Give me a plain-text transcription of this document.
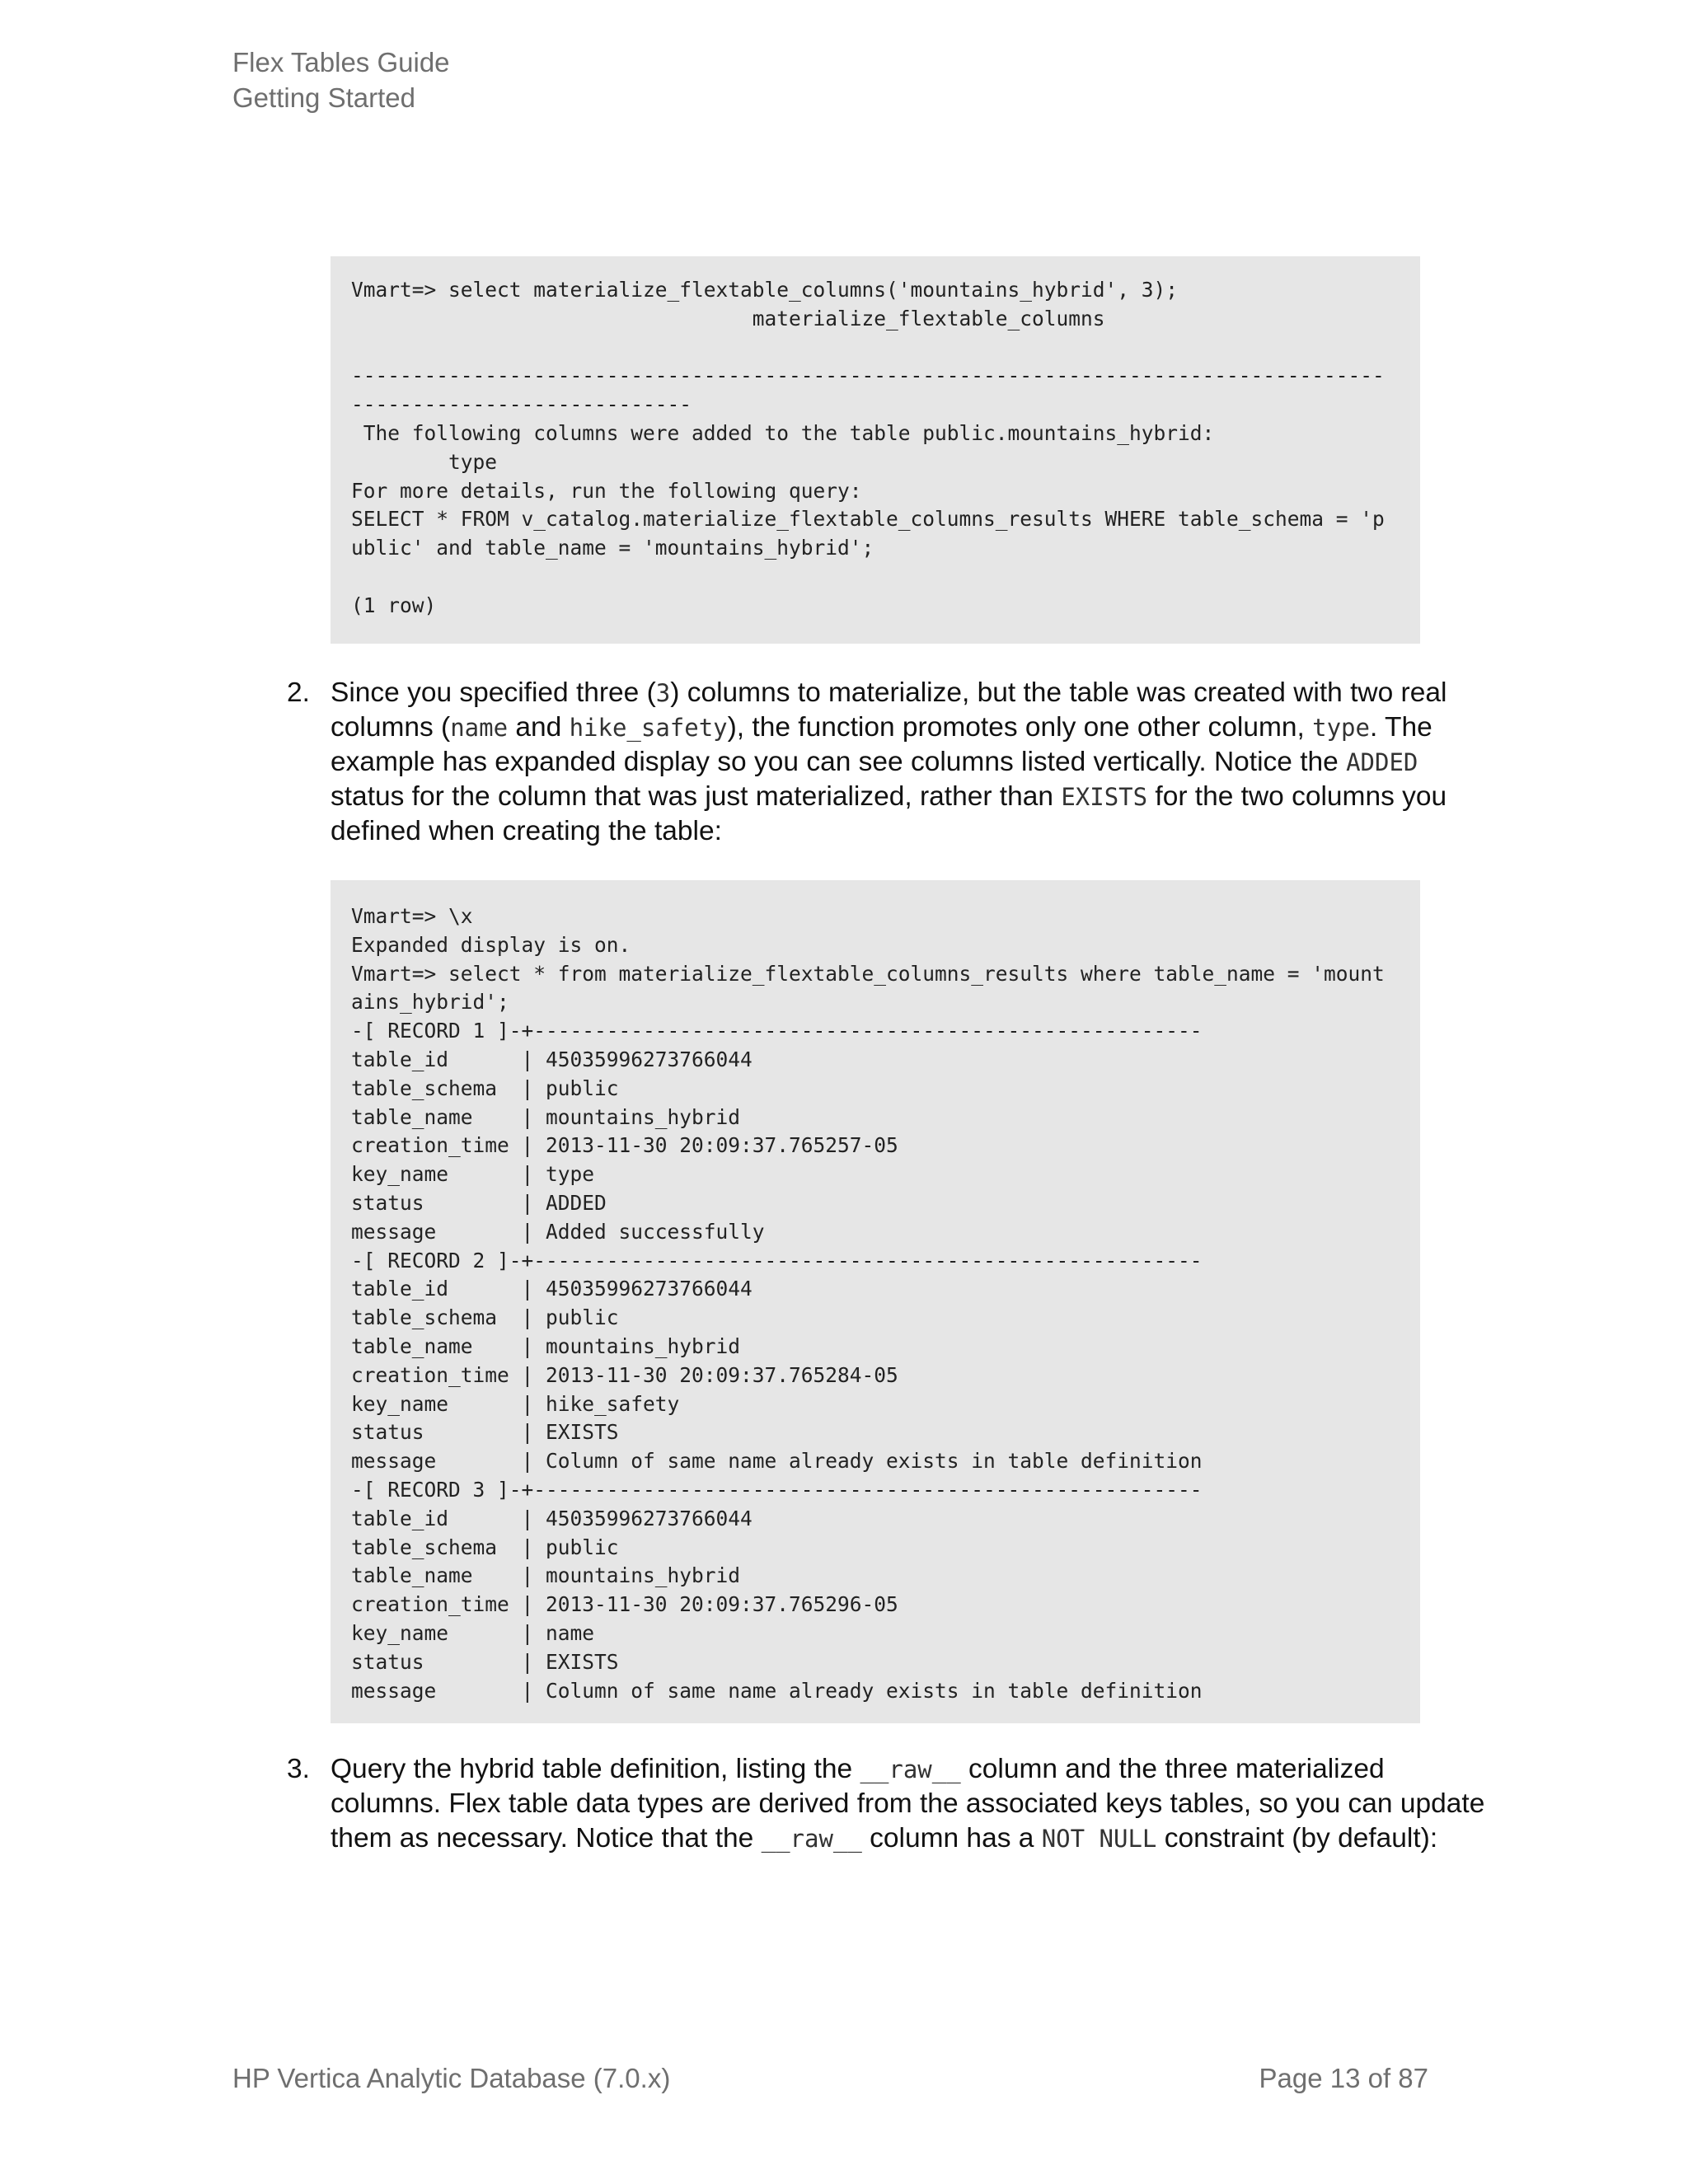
Flex Tables Guide
Getting Started
Vmart=> select materialize_flextable_columns('mountains_hybrid', 3);
materialize_flextable_columns
-------------------------------------------------------------------------------------
----------------------------
The following columns were added to the table public.mountains_hybrid:
type
For more details, run the following query:
SELECT * FROM v_catalog.materialize_flextable_columns_results WHERE table_schema = 'p
ublic' and table_name = 'mountains_hybrid';
(1 row)
2. Since you specified three (3) columns to materialize, but the table was created with two real
columns (name and hike_safety), the function promotes only one other column, type. The
example has expanded display so you can see columns listed vertically. Notice the ADDED
status for the column that was just materialized, rather than EXISTS for the two columns you
defined when creating the table:
Vmart=> \x
Expanded display is on.
Vmart=> select * from materialize_flextable_columns_results where table_name = 'mount
ains_hybrid';
-[ RECORD 1 ]-+-------------------------------------------------------
table_id      | 45035996273766044
table_schema  | public
table_name    | mountains_hybrid
creation_time | 2013-11-30 20:09:37.765257-05
key_name      | type
status        | ADDED
message       | Added successfully
-[ RECORD 2 ]-+-------------------------------------------------------
table_id      | 45035996273766044
table_schema  | public
table_name    | mountains_hybrid
creation_time | 2013-11-30 20:09:37.765284-05
key_name      | hike_safety
status        | EXISTS
message       | Column of same name already exists in table definition
-[ RECORD 3 ]-+-------------------------------------------------------
table_id      | 45035996273766044
table_schema  | public
table_name    | mountains_hybrid
creation_time | 2013-11-30 20:09:37.765296-05
key_name      | name
status        | EXISTS
message       | Column of same name already exists in table definition
3. Query the hybrid table definition, listing the __raw__ column and the three materialized
columns. Flex table data types are derived from the associated keys tables, so you can update
them as necessary. Notice that the __raw__ column has a NOT NULL constraint (by default):
HP Vertica Analytic Database (7.0.x)	Page 13 of 87
